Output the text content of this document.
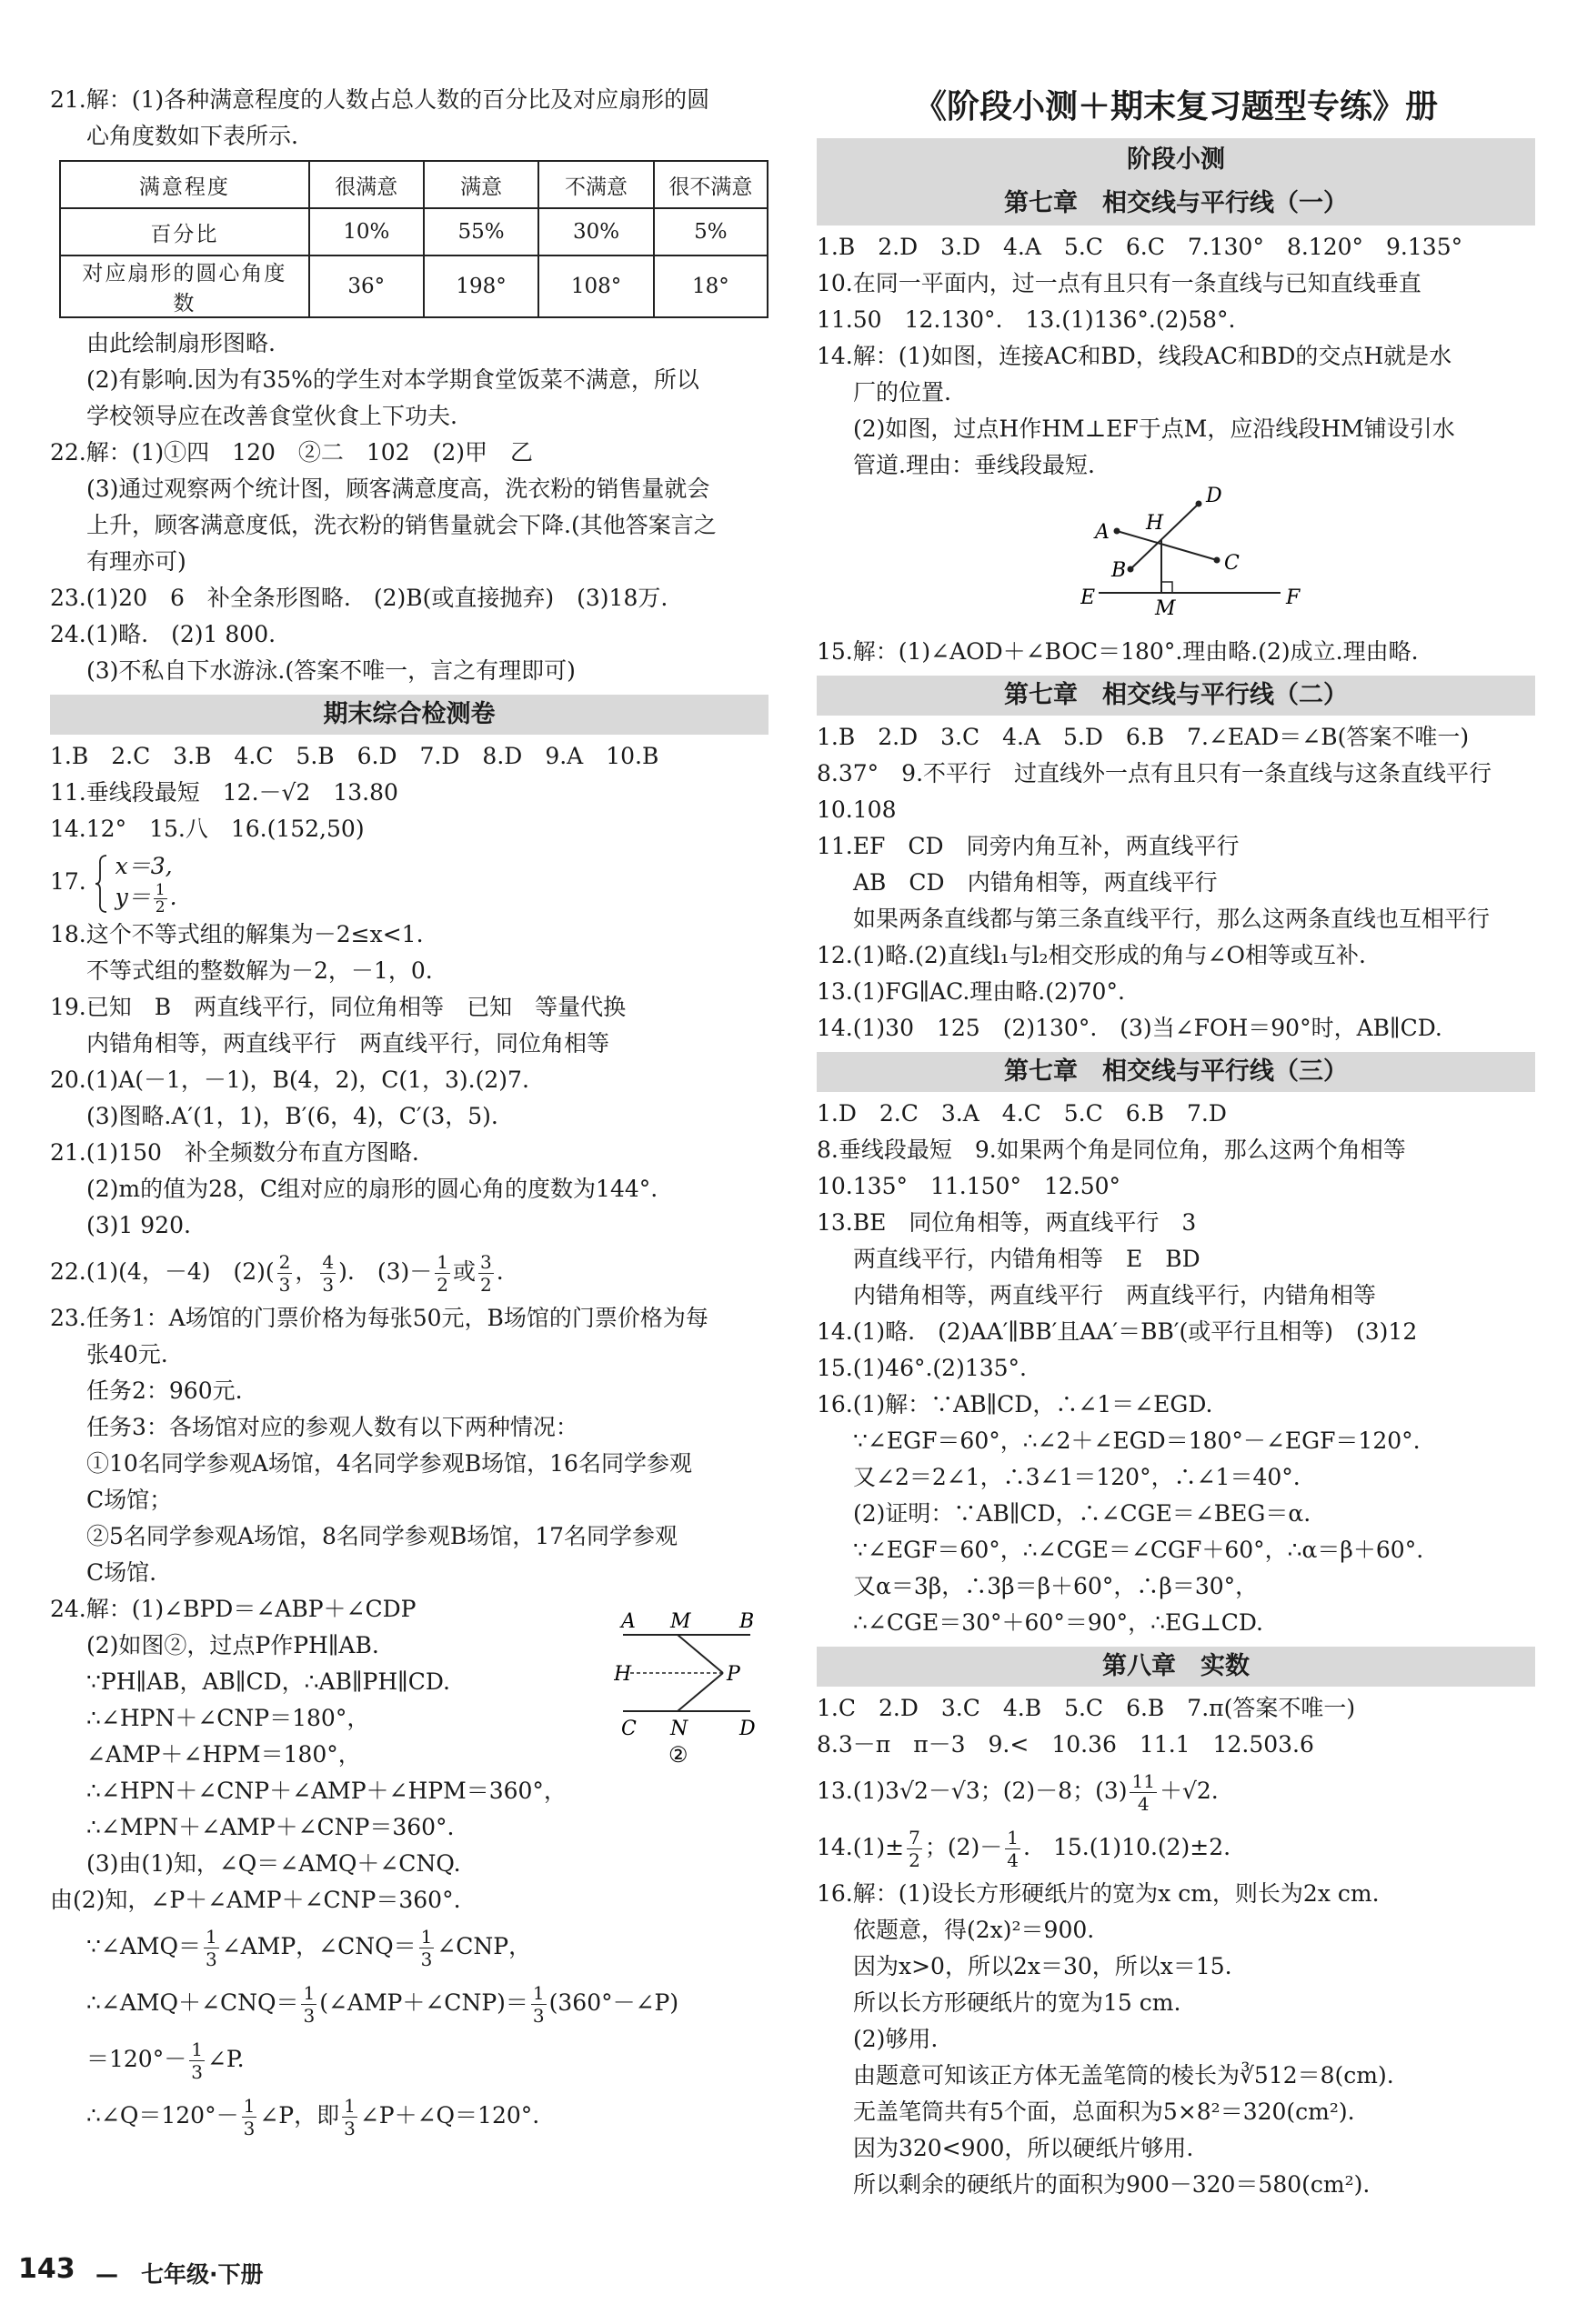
21.解：(1)各种满意程度的人数占总人数的百分比及对应扇形的圆
心角度数如下表所示.
满意程度	很满意	满意	不满意	很不满意
百分比	10%	55%	30%	5%
对应扇形的圆心角度数	36°	198°	108°	18°
由此绘制扇形图略.
(2)有影响.因为有35%的学生对本学期食堂饭菜不满意，所以
学校领导应在改善食堂伙食上下功夫.
22.解：(1)①四　120　②二　102　(2)甲　乙
(3)通过观察两个统计图，顾客满意度高，洗衣粉的销售量就会
上升，顾客满意度低，洗衣粉的销售量就会下降.(其他答案言之
有理亦可)
23.(1)20　6　补全条形图略.　(2)B(或直接抛弃)　(3)18万.
24.(1)略.　(2)1 800.
(3)不私自下水游泳.(答案不唯一，言之有理即可)
期末综合检测卷
1.B　2.C　3.B　4.C　5.B　6.D　7.D　8.D　9.A　10.B
11.垂线段最短　12.－√2　13.80
14.12°　15.八　16.(152,50)
17.
x＝3,
$y= \frac{1}{2}$ .
18.这个不等式组的解集为－2≤x<1.
不等式组的整数解为－2，－1，0.
19.已知　B　两直线平行，同位角相等　已知　等量代换
内错角相等，两直线平行　两直线平行，同位角相等
20.(1)A(－1，－1)，B(4，2)，C(1，3).(2)7.
(3)图略.A′(1，1)，B′(6，4)，C′(3，5).
21.(1)150　补全频数分布直方图略.
(2)m的值为28，C组对应的扇形的圆心角的度数为144°.
(3)1 920.
22.(1)(4，－4)　$(2)( \frac{2}{3}$ ， $\frac{4}{3}$ ).　$(3)- \frac{1}{2}$ 或 $\frac{3}{2}$ .
23.任务1：A场馆的门票价格为每张50元，B场馆的门票价格为每
张40元.
任务2：960元.
任务3：各场馆对应的参观人数有以下两种情况：
①10名同学参观A场馆，4名同学参观B场馆，16名同学参观
C场馆；
②5名同学参观A场馆，8名同学参观B场馆，17名同学参观
C场馆.
24.解：(1)∠BPD＝∠ABP＋∠CDP
(2)如图②，过点P作PH∥AB.
∵PH∥AB，AB∥CD，∴AB∥PH∥CD.
∴∠HPN＋∠CNP＝180°，
∠AMP＋∠HPM＝180°，
∴∠HPN＋∠CNP＋∠AMP＋∠HPM＝360°，
∴∠MPN＋∠AMP＋∠CNP＝360°.
(3)由(1)知，∠Q＝∠AMQ＋∠CNQ.
由(2)知，∠P＋∠AMP＋∠CNP＝360°.
∵∠AMQ＝ $\frac{1}{3}$ ∠AMP，∠CNQ＝ $\frac{1}{3}$ ∠CNP，
∴∠AMQ＋∠CNQ＝ $\frac{1}{3}$ (∠AMP＋∠CNP)＝ $\frac{1}{3}$ (360°－∠P)
$=120^\circ- \frac{1}{3}$ ∠P.
∴∠Q＝120°－ $\frac{1}{3}$ ∠P，即 $\frac{1}{3}$ ∠P＋∠Q＝120°.
A M B
H	P
C N	D
②
《阶段小测＋期末复习题型专练》册
阶段小测
第七章　相交线与平行线（一）
1.B　2.D　3.D　4.A　5.C　6.C　7.130°　8.120°　9.135°
10.在同一平面内，过一点有且只有一条直线与已知直线垂直
11.50　12.130°.　13.(1)136°.(2)58°.
14.解：(1)如图，连接AC和BD，线段AC和BD的交点H就是水
厂的位置.
(2)如图，过点H作HM⊥EF于点M，应沿线段HM铺设引水
管道.理由：垂线段最短.
A H
D
B	C
E	M	F
15.解：(1)∠AOD＋∠BOC＝180°.理由略.(2)成立.理由略.
第七章　相交线与平行线（二）
1.B　2.D　3.C　4.A　5.D　6.B　7.∠EAD＝∠B(答案不唯一)
8.37°　9.不平行　过直线外一点有且只有一条直线与这条直线平行
10.108
11.EF　CD　同旁内角互补，两直线平行
AB　CD　内错角相等，两直线平行
如果两条直线都与第三条直线平行，那么这两条直线也互相平行
12.(1)略.(2)直线l₁与l₂相交形成的角与∠O相等或互补.
13.(1)FG∥AC.理由略.(2)70°.
14.(1)30　125　(2)130°.　(3)当∠FOH＝90°时，AB∥CD.
第七章　相交线与平行线（三）
1.D　2.C　3.A　4.C　5.C　6.B　7.D
8.垂线段最短　9.如果两个角是同位角，那么这两个角相等
10.135°　11.150°　12.50°
13.BE　同位角相等，两直线平行　3
两直线平行，内错角相等　E　BD
内错角相等，两直线平行　两直线平行，内错角相等
14.(1)略.　(2)AA′∥BB′且AA′＝BB′(或平行且相等)　(3)12
15.(1)46°.(2)135°.
16.(1)解：∵AB∥CD，∴∠1＝∠EGD.
∵∠EGF＝60°，∴∠2＋∠EGD＝180°－∠EGF＝120°.
又∠2＝2∠1，∴3∠1＝120°，∴∠1＝40°.
(2)证明：∵AB∥CD，∴∠CGE＝∠BEG＝α.
∵∠EGF＝60°，∴∠CGE＝∠CGF＋60°，∴α＝β＋60°.
又α＝3β，∴3β＝β＋60°，∴β＝30°，
∴∠CGE＝30°＋60°＝90°，∴EG⊥CD.
第八章　实数
1.C　2.D　3.C　4.B　5.C　6.B　7.π(答案不唯一)
8.3－π　π－3　9.<　10.36　11.1　12.503.6
13.(1)3√2－√3；(2)－8；$(3) \frac{11}{4} +√2$.
$14.(1)\pm \frac{7}{2}$ ；$(2)- \frac{1}{4}$ .　15.(1)10.(2)±2.
16.解：(1)设长方形硬纸片的宽为x cm，则长为2x cm.
依题意，得(2x)²＝900.
因为x>0，所以2x＝30，所以x＝15.
所以长方形硬纸片的宽为15 cm.
(2)够用.
由题意可知该正方体无盖笔筒的棱长为∛512＝8(cm).
无盖笔筒共有5个面，总面积为5×8²＝320(cm²).
因为320<900，所以硬纸片够用.
所以剩余的硬纸片的面积为900－320＝580(cm²).
143 —　 七年级·下册
